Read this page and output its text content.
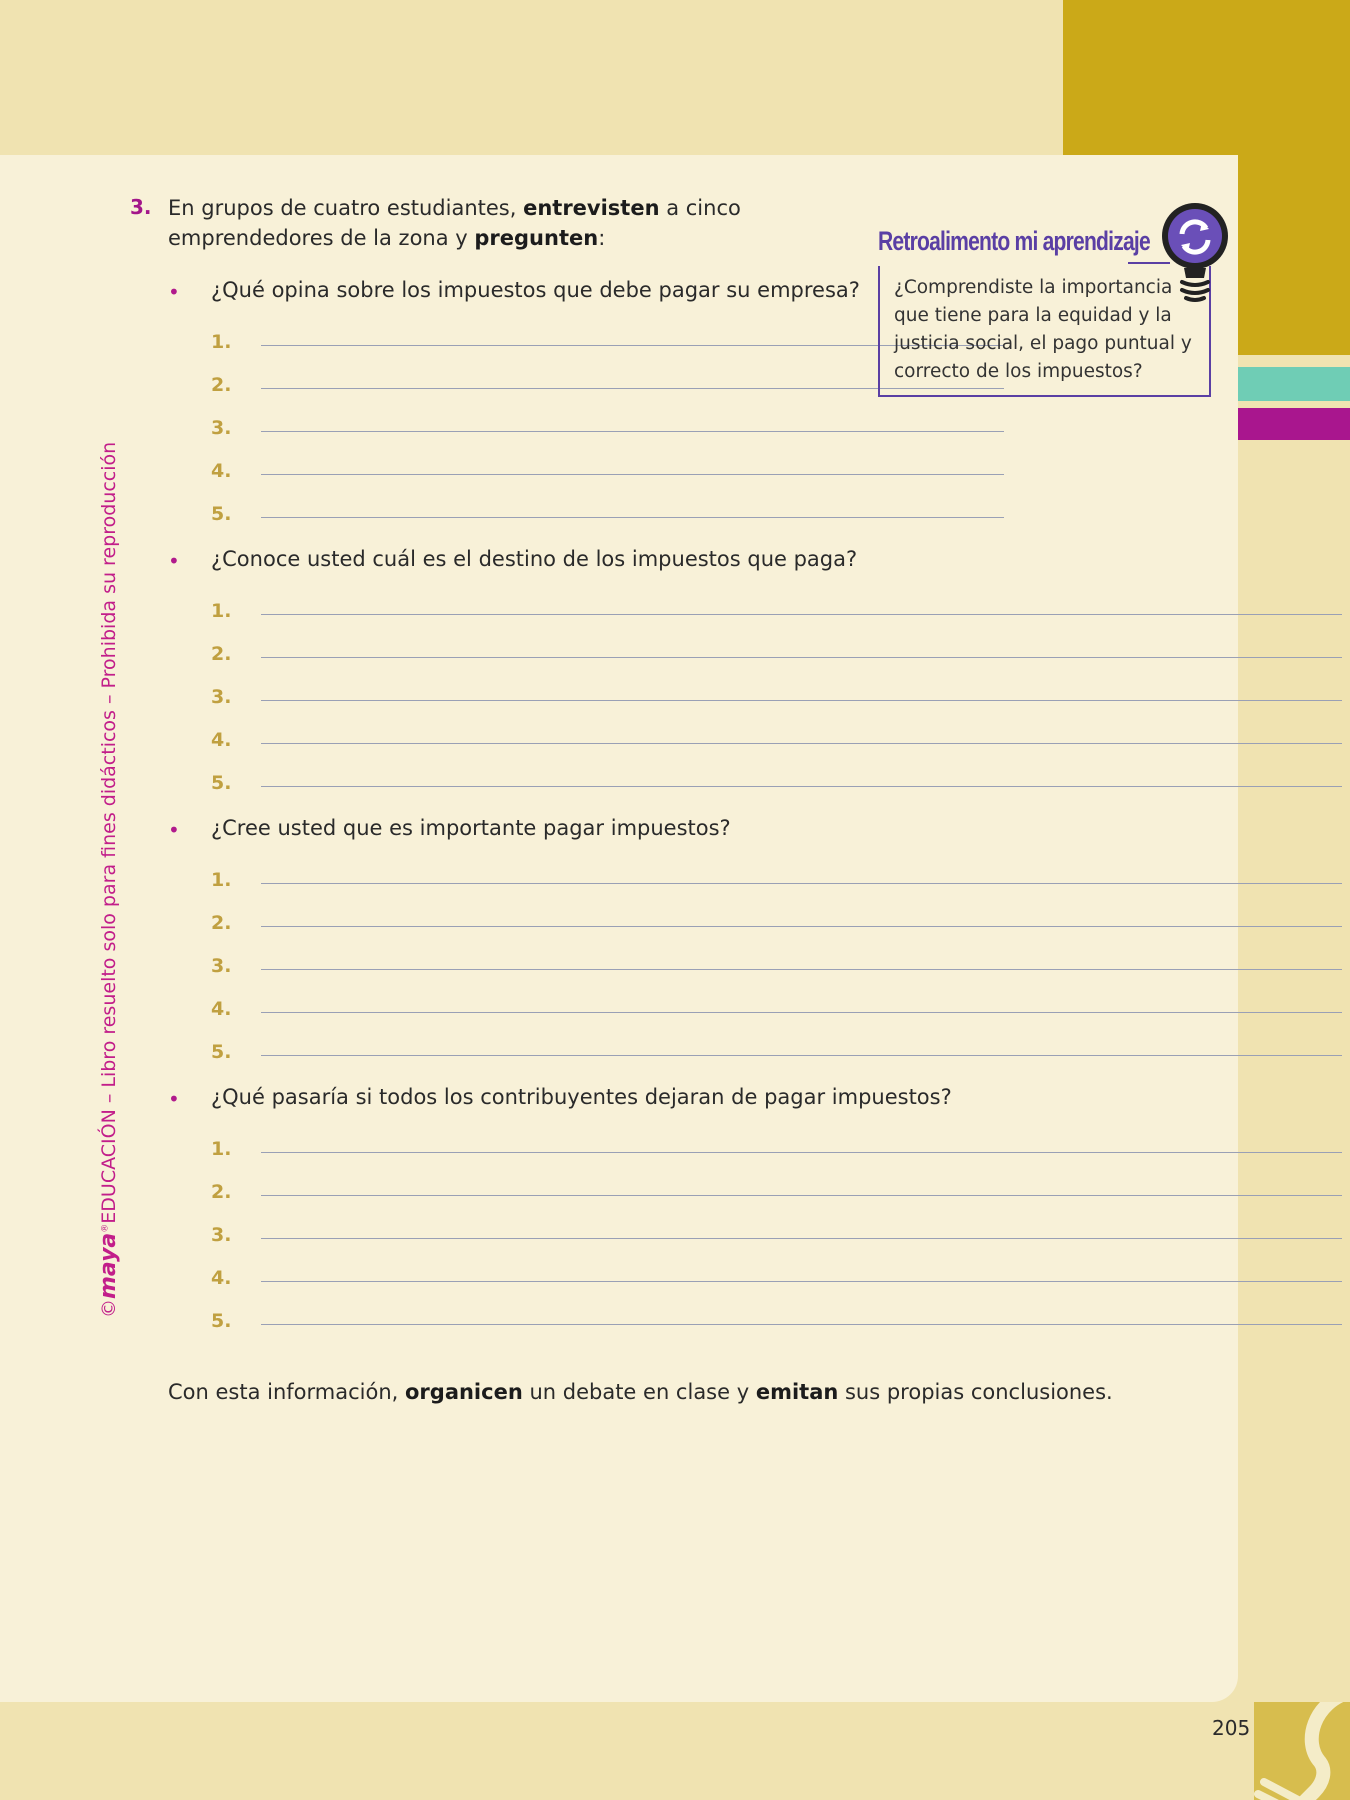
©maya®EDUCACIÓN – Libro resuelto solo para fines didácticos – Prohibida su reproducción
3. En grupos de cuatro estudiantes, entrevisten a cinco emprendedores de la zona y pregunten:
• ¿Qué opina sobre los impuestos que debe pagar su empresa?
1.
2.
3.
4.
5.
• ¿Conoce usted cuál es el destino de los impuestos que paga?
1.
2.
3.
4.
5.
• ¿Cree usted que es importante pagar impuestos?
1.
2.
3.
4.
5.
• ¿Qué pasaría si todos los contribuyentes dejaran de pagar impuestos?
1.
2.
3.
4.
5.
Retroalimento mi aprendizaje
¿Comprendiste la importancia que tiene para la equidad y la justicia social, el pago puntual y correcto de los impuestos?
Con esta información, organicen un debate en clase y emitan sus propias conclusiones.
205
